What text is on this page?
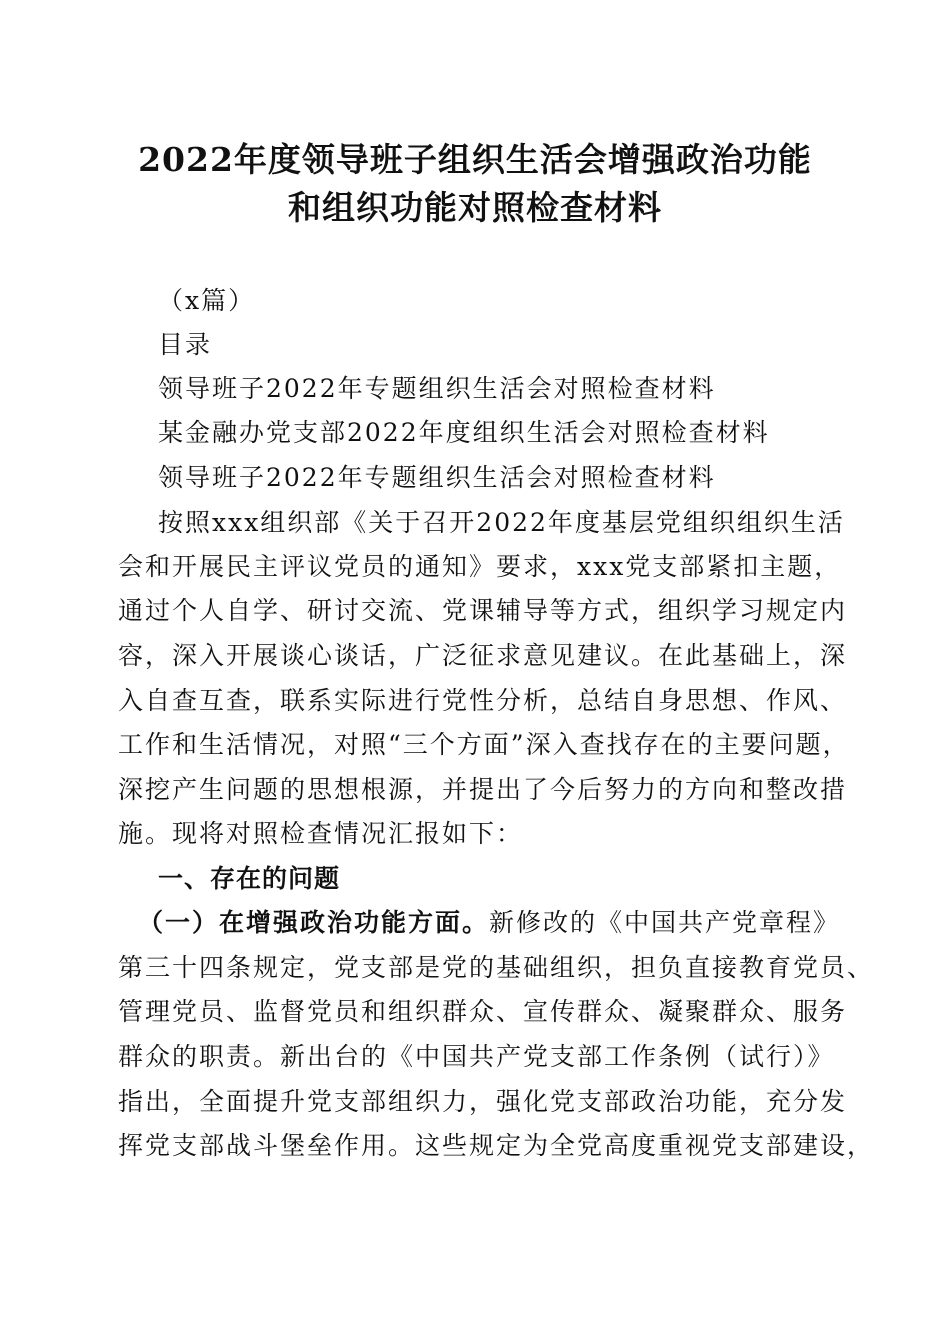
2022年度领导班子组织生活会增强政治功能
和组织功能对照检查材料
（x篇）
目录
领导班子2022年专题组织生活会对照检查材料
某金融办党支部2022年度组织生活会对照检查材料
领导班子2022年专题组织生活会对照检查材料
按照xxx组织部《关于召开2022年度基层党组织组织生活
会和开展民主评议党员的通知》要求，xxx党支部紧扣主题，
通过个人自学、研讨交流、党课辅导等方式，组织学习规定内
容，深入开展谈心谈话，广泛征求意见建议。在此基础上，深
入自查互查，联系实际进行党性分析，总结自身思想、作风、
工作和生活情况，对照“三个方面”深入查找存在的主要问题，
深挖产生问题的思想根源，并提出了今后努力的方向和整改措
施。现将对照检查情况汇报如下：
一、存在的问题
（一）在增强政治功能方面。新修改的《中国共产党章程》
第三十四条规定，党支部是党的基础组织，担负直接教育党员、
管理党员、监督党员和组织群众、宣传群众、凝聚群众、服务
群众的职责。新出台的《中国共产党支部工作条例（试行）》
指出，全面提升党支部组织力，强化党支部政治功能，充分发
挥党支部战斗堡垒作用。这些规定为全党高度重视党支部建设，
